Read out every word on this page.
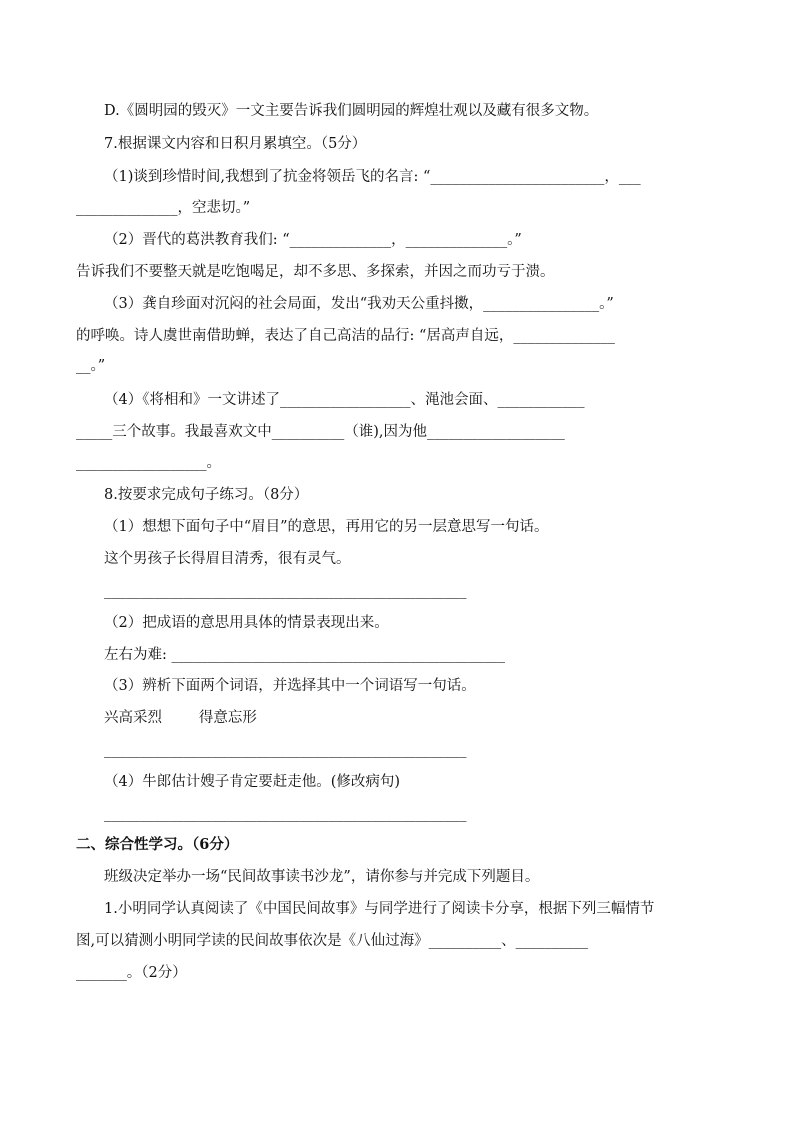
D.《圆明园的毁灭》一文主要告诉我们圆明园的辉煌壮观以及藏有很多文物。
7.根据课文内容和日积月累填空。（5分）
（1)谈到珍惜时间,我想到了抗金将领岳飞的名言: “________________________，___
______________，空悲切。”
（2）晋代的葛洪教育我们: “______________，______________。”
告诉我们不要整天就是吃饱喝足，却不多思、多探索，并因之而功亏于溃。
（3）龚自珍面对沉闷的社会局面，发出“我劝天公重抖擞，________________。”
的呼唤。诗人虞世南借助蝉，表达了自己高洁的品行: “居高声自远，______________
__。”
（4）《将相和》一文讲述了__________________、渑池会面、____________
_____三个故事。我最喜欢文中__________（谁),因为他___________________
__________________。
8.按要求完成句子练习。（8分）
（1）想想下面句子中“眉目”的意思，再用它的另一层意思写一句话。
这个男孩子长得眉目清秀，很有灵气。
__________________________________________________
（2）把成语的意思用具体的情景表现出来。
左右为难: ______________________________________________
（3）辨析下面两个词语，并选择其中一个词语写一句话。
兴高采烈        得意忘形
__________________________________________________
（4）牛郎估计嫂子肯定要赶走他。(修改病句)
__________________________________________________
二、综合性学习。（6分）
班级决定举办一场“民间故事读书沙龙”，请你参与并完成下列题目。
1.小明同学认真阅读了《中国民间故事》与同学进行了阅读卡分享，根据下列三幅情节
图,可以猜测小明同学读的民间故事依次是《八仙过海》__________、__________
_______。（2分）
